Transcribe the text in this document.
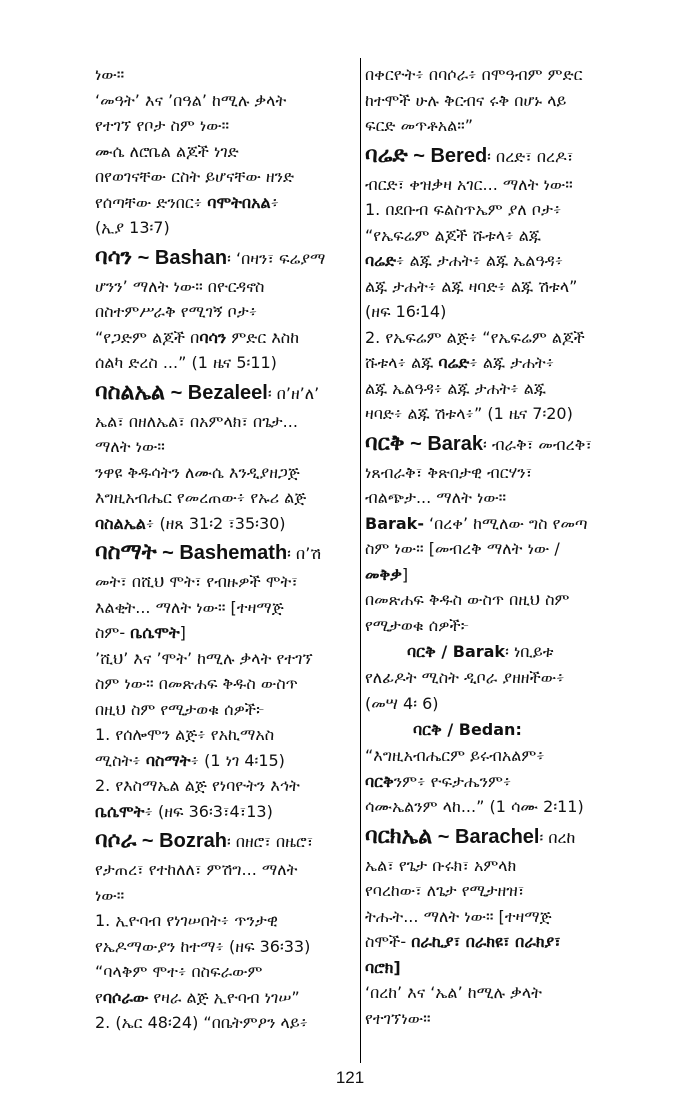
ነው።
‘መዓት’ እና ’በዓል’ ከሚሉ ቃላት
የተገኘ የቦታ ስም ነው።
ሙሴ ለሮቤል ልጆች ነገድ
በየወገናቸው ርስት ይሆናቸው ዘንድ
የሰጣቸው ድንበር፥ ባሞትበአል፥
(ኢያ 13፡7)
ባሳን ~ Bashan፡ ‘በዛን፣ ፍሬያማ
ሆንን’ ማለት ነው። በዮርዳኖስ
በስተምሥራቅ የሚገኝ ቦታ፥
“የጋድም ልጆች በባሳን ምድር እስከ
ሰልካ ድረስ ...” (1 ዜና 5፡11)
ባስልኤል ~ Bezaleel፡ በ’ዘ’ለ’
ኤል፣ በዘለኤል፣ በአምላክ፣ በጌታ...
ማለት ነው።
ንዋዩ ቅዱሳትን ለሙሴ እንዲያዘጋጅ
እግዚአብሔር የመረጠው፥ የኡሪ ልጅ
ባስልኤል፥ (ዘጸ 31፡2 ፣35፡30)
ባስማት ~ Bashemath፡ በ’ሽ
መት፣ በሺህ ሞት፣ የብዙዎች ሞት፣
እልቂት... ማለት ነው። [ተዛማጅ
ስም- ቤሴሞት]
’ሺህ’ እና ’ሞት’ ከሚሉ ቃላት የተገኘ
ስም ነው። በመጽሐፍ ቅዱስ ውስጥ
በዚህ ስም የሚታወቁ ሰዎች፦
1. የሰሎሞን ልጅ፥ የአኪማአስ
ሚስት፥ ባስማት፥ (1 ነገ 4፡15)
2. የእስማኤል ልጅ የነባዮትን እኅት
ቤሴሞት፥ (ዘፍ 36፡3፣4፣13)
ባሶራ ~ Bozrah፡ በዘሮ፣ በዜሮ፣
የታጠረ፣ የተከለለ፣ ምሽግ... ማለት
ነው።
1. ኢዮባብ የነገሠበት፥ ጥንታዊ
የኤዶማውያን ከተማ፥ (ዘፍ 36፡33)
“ባላቅም ሞተ፥ በስፍራውም
የባሶራው የዛራ ልጅ ኢዮባብ ነገሠ”
2. (ኤር 48፡24) “በቤትምዖን ላይ፥
በቀርዮት፥ በባሶራ፥ በሞዓብም ምድር
ከተሞች ሁሉ ቅርብና ሩቅ በሆኑ ላይ
ፍርድ መጥቶአል።”
ባሬድ ~ Bered፡ በረድ፣ በረዶ፣
ብርድ፣ ቀዝቃዛ አገር... ማለት ነው።
1. በደቡብ ፍልስጥኤም ያለ ቦታ፥
“የኤፍሬም ልጆች ሹቱላ፥ ልጁ
ባሬድ፥ ልጁ ታሐት፥ ልጁ ኤልዓዳ፥
ልጁ ታሐት፥ ልጁ ዛባድ፥ ልጁ ሽቱላ”
(ዘፍ 16፡14)
2. የኤፍሬም ልጅ፥ “የኤፍሬም ልጆች
ሹቱላ፥ ልጁ ባሬድ፥ ልጁ ታሐት፥
ልጁ ኤልዓዳ፥ ልጁ ታሐት፥ ልጁ
ዛባድ፥ ልጁ ሽቱላ፥” (1 ዜና 7፡20)
ባርቅ ~ Barak፡ ብራቅ፣ መብረቅ፣
ነጸብራቅ፣ ቅጽበታዊ ብርሃን፣
ብልጭታ... ማለት ነው።
Barak- ‘በረቀ’ ከሚለው ግስ የመጣ
ስም ነው። [መብረቅ ማለት ነው /
መቅቃ]
በመጽሐፍ ቅዱስ ውስጥ በዚህ ስም
የሚታወቁ ሰዎች፦
ባርቅ / Barak፡ ነቢይቱ
የለፊዶት ሚስት ዲቦራ ያዘዘችው፥
(መሣ 4፡ 6)
ባርቅ / Bedan:
“እግዚአብሔርም ይሩብአልም፥
ባርቅንም፥ ዮፍታሔንም፥
ሳሙኤልንም ላከ...” (1 ሳሙ 2፡11)
ባርክኤል ~ Barachel፡ በረከ
ኤል፣ የጌታ ቡሩክ፣ አምላክ
የባረከው፣ ለጌታ የሚታዘዝ፣
ትሑት... ማለት ነው። [ተዛማጅ
ስሞች- በራኪያ፣ በራክዩ፣ በራክያ፣
ባሮክ]
‘በረከ’ እና ‘ኤል’ ከሚሉ ቃላት
የተገኘነው።
121
